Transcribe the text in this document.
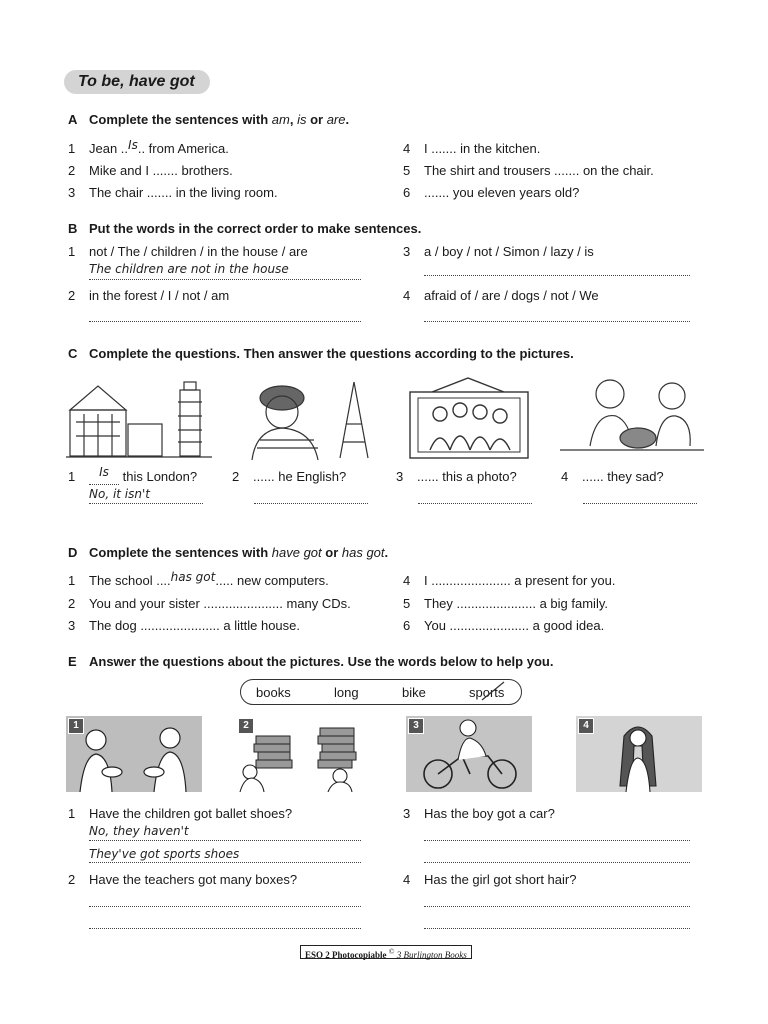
To be, have got
A Complete the sentences with am, is or are.
1 Jean ..Is.. from America.
2 Mike and I ....... brothers.
3 The chair ....... in the living room.
4 I ....... in the kitchen.
5 The shirt and trousers ....... on the chair.
6 ....... you eleven years old?
B Put the words in the correct order to make sentences.
1 not / The / children / in the house / are
The children are not in the house
2 in the forest / I / not / am
3 a / boy / not / Simon / lazy / is
4 afraid of / are / dogs / not / We
C Complete the questions. Then answer the questions according to the pictures.
1 Is this London?
No, it isn't
2 ...... he English?	3 ...... this a photo?	4 ...... they sad?
D Complete the sentences with have got or has got.
1 The school ....has got..... new computers.
2 You and your sister ...................... many CDs.
3 The dog ...................... a little house.
4 I ...................... a present for you.
5 They ...................... a big family.
6 You ...................... a good idea.
E Answer the questions about the pictures. Use the words below to help you.
books	long	bike	sports
1	2	3	4
1 Have the children got ballet shoes?
No, they haven't
They've got sports shoes
2 Have the teachers got many boxes?
3 Has the boy got a car?
4 Has the girl got short hair?
ESO 2 Photocopiable © 3 Burlington Books
